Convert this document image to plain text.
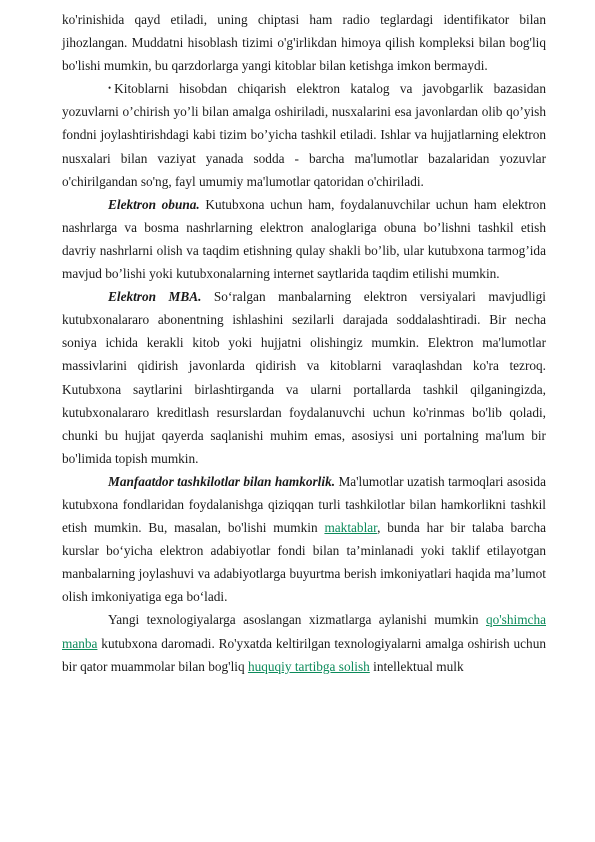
ko'rinishida qayd etiladi, uning chiptasi ham radio teglardagi identifikator bilan jihozlangan. Muddatni hisoblash tizimi o'g'irlikdan himoya qilish kompleksi bilan bog'liq bo'lishi mumkin, bu qarzdorlarga yangi kitoblar bilan ketishga imkon bermaydi.

• Kitoblarni hisobdan chiqarish elektron katalog va javobgarlik bazasidan yozuvlarni o’chirish yo’li bilan amalga oshiriladi, nusxalarini esa javonlardan olib qo’yish fondni joylashtirishdagi kabi tizim bo’yicha tashkil etiladi. Ishlar va hujjatlarning elektron nusxalari bilan vaziyat yanada sodda - barcha ma'lumotlar bazalaridan yozuvlar o'chirilgandan so'ng, fayl umumiy ma'lumotlar qatoridan o'chiriladi.

Elektron obuna. Kutubxona uchun ham, foydalanuvchilar uchun ham elektron nashrlarga va bosma nashrlarning elektron analoglariga obuna bo’lishni tashkil etish davriy nashrlarni olish va taqdim etishning qulay shakli bo’lib, ular kutubxona tarmog’ida mavjud bo’lishi yoki kutubxonalarning internet saytlarida taqdim etilishi mumkin.

Elektron MBA. So‘ralgan manbalarning elektron versiyalari mavjudligi kutubxonalararo abonentning ishlashini sezilarli darajada soddalashtiradi. Bir necha soniya ichida kerakli kitob yoki hujjatni olishingiz mumkin. Elektron ma'lumotlar massivlarini qidirish javonlarda qidirish va kitoblarni varaqlashdan ko'ra tezroq. Kutubxona saytlarini birlashtirganda va ularni portallarda tashkil qilganingizda, kutubxonalararo kreditlash resurslardan foydalanuvchi uchun ko'rinmas bo'lib qoladi, chunki bu hujjat qayerda saqlanishi muhim emas, asosiysi uni portalning ma'lum bir bo'limida topish mumkin.

Manfaatdor tashkilotlar bilan hamkorlik. Ma'lumotlar uzatish tarmoqlari asosida kutubxona fondlaridan foydalanishga qiziqqan turli tashkilotlar bilan hamkorlikni tashkil etish mumkin. Bu, masalan, bo'lishi mumkin maktablar, bunda har bir talaba barcha kurslar bo‘yicha elektron adabiyotlar fondi bilan ta’minlanadi yoki taklif etilayotgan manbalarning joylashuvi va adabiyotlarga buyurtma berish imkoniyatlari haqida ma’lumot olish imkoniyatiga ega bo‘ladi.

Yangi texnologiyalarga asoslangan xizmatlarga aylanishi mumkin qo'shimcha manba kutubxona daromadi. Ro'yxatda keltirilgan texnologiyalarni amalga oshirish uchun bir qator muammolar bilan bog'liq huquqiy tartibga solish intellektual mulk
